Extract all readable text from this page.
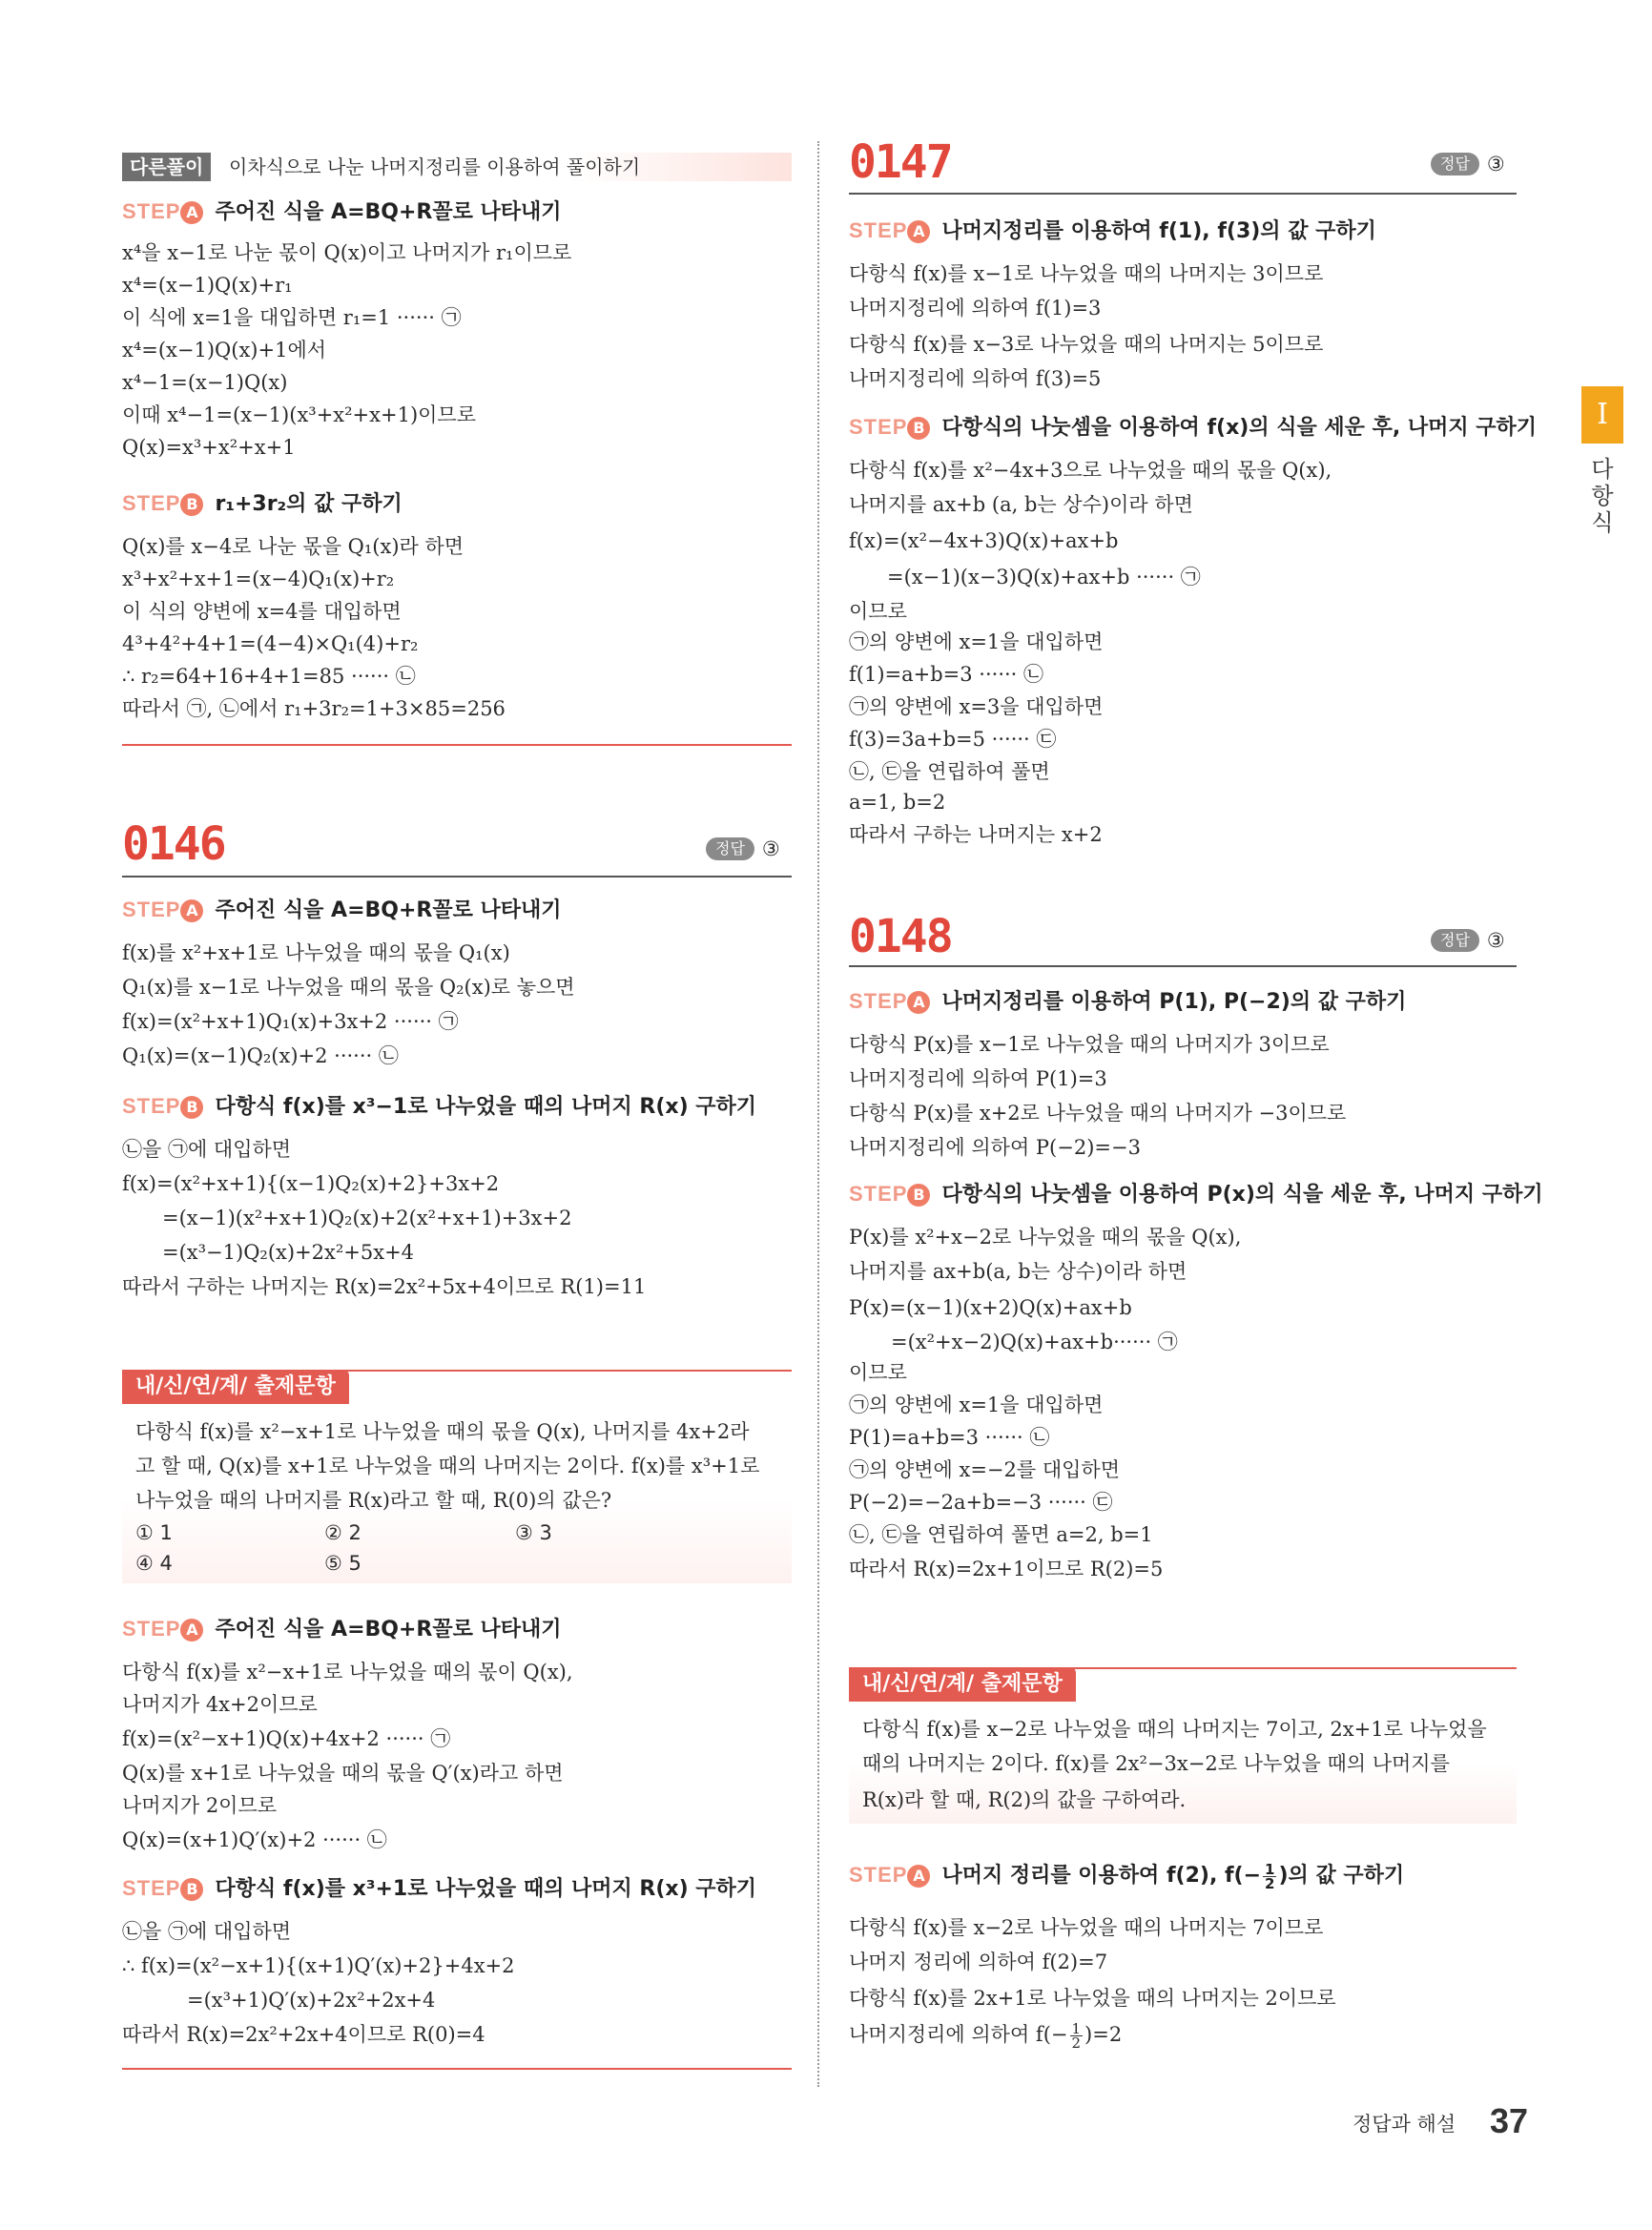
I
다항식
다른풀이	이차식으로 나눈 나머지정리를 이용하여 풀이하기
STEP A 주어진 식을 A=BQ+R꼴로 나타내기
x⁴을 x−1로 나눈 몫이 Q(x)이고 나머지가 r₁이므로
x⁴=(x−1)Q(x)+r₁
이 식에 x=1을 대입하면 r₁=1 ······ ㉠
x⁴=(x−1)Q(x)+1에서
x⁴−1=(x−1)Q(x)
이때 x⁴−1=(x−1)(x³+x²+x+1)이므로
Q(x)=x³+x²+x+1
STEP B r₁+3r₂의 값 구하기
Q(x)를 x−4로 나눈 몫을 Q₁(x)라 하면
x³+x²+x+1=(x−4)Q₁(x)+r₂
이 식의 양변에 x=4를 대입하면
4³+4²+4+1=(4−4)×Q₁(4)+r₂
∴ r₂=64+16+4+1=85 ······ ㉡
따라서 ㉠, ㉡에서 r₁+3r₂=1+3×85=256
0146	정답 ③
STEP A 주어진 식을 A=BQ+R꼴로 나타내기
f(x)를 x²+x+1로 나누었을 때의 몫을 Q₁(x)
Q₁(x)를 x−1로 나누었을 때의 몫을 Q₂(x)로 놓으면
f(x)=(x²+x+1)Q₁(x)+3x+2 ······ ㉠
Q₁(x)=(x−1)Q₂(x)+2 ······ ㉡
STEP B 다항식 f(x)를 x³−1로 나누었을 때의 나머지 R(x) 구하기
㉡을 ㉠에 대입하면
f(x)=(x²+x+1){(x−1)Q₂(x)+2}+3x+2
=(x−1)(x²+x+1)Q₂(x)+2(x²+x+1)+3x+2
=(x³−1)Q₂(x)+2x²+5x+4
따라서 구하는 나머지는 R(x)=2x²+5x+4이므로 R(1)=11
내/신/연/계/ 출제문항
다항식 f(x)를 x²−x+1로 나누었을 때의 몫을 Q(x), 나머지를 4x+2라
고 할 때, Q(x)를 x+1로 나누었을 때의 나머지는 2이다. f(x)를 x³+1로
나누었을 때의 나머지를 R(x)라고 할 때, R(0)의 값은?
① 1	② 2	③ 3
④ 4	⑤ 5
STEP A 주어진 식을 A=BQ+R꼴로 나타내기
다항식 f(x)를 x²−x+1로 나누었을 때의 몫이 Q(x),
나머지가 4x+2이므로
f(x)=(x²−x+1)Q(x)+4x+2 ······ ㉠
Q(x)를 x+1로 나누었을 때의 몫을 Q′(x)라고 하면
나머지가 2이므로
Q(x)=(x+1)Q′(x)+2 ······ ㉡
STEP B 다항식 f(x)를 x³+1로 나누었을 때의 나머지 R(x) 구하기
㉡을 ㉠에 대입하면
∴ f(x)=(x²−x+1){(x+1)Q′(x)+2}+4x+2
=(x³+1)Q′(x)+2x²+2x+4
따라서 R(x)=2x²+2x+4이므로 R(0)=4
0147	정답 ③
STEP A 나머지정리를 이용하여 f(1), f(3)의 값 구하기
다항식 f(x)를 x−1로 나누었을 때의 나머지는 3이므로
나머지정리에 의하여 f(1)=3
다항식 f(x)를 x−3로 나누었을 때의 나머지는 5이므로
나머지정리에 의하여 f(3)=5
STEP B 다항식의 나눗셈을 이용하여 f(x)의 식을 세운 후, 나머지 구하기
다항식 f(x)를 x²−4x+3으로 나누었을 때의 몫을 Q(x),
나머지를 ax+b (a, b는 상수)이라 하면
f(x)=(x²−4x+3)Q(x)+ax+b
=(x−1)(x−3)Q(x)+ax+b ······ ㉠
이므로
㉠의 양변에 x=1을 대입하면
f(1)=a+b=3 ······ ㉡
㉠의 양변에 x=3을 대입하면
f(3)=3a+b=5 ······ ㉢
㉡, ㉢을 연립하여 풀면
a=1, b=2
따라서 구하는 나머지는 x+2
0148	정답 ③
STEP A 나머지정리를 이용하여 P(1), P(−2)의 값 구하기
다항식 P(x)를 x−1로 나누었을 때의 나머지가 3이므로
나머지정리에 의하여 P(1)=3
다항식 P(x)를 x+2로 나누었을 때의 나머지가 −3이므로
나머지정리에 의하여 P(−2)=−3
STEP B 다항식의 나눗셈을 이용하여 P(x)의 식을 세운 후, 나머지 구하기
P(x)를 x²+x−2로 나누었을 때의 몫을 Q(x),
나머지를 ax+b(a, b는 상수)이라 하면
P(x)=(x−1)(x+2)Q(x)+ax+b
=(x²+x−2)Q(x)+ax+b······ ㉠
이므로
㉠의 양변에 x=1을 대입하면
P(1)=a+b=3 ······ ㉡
㉠의 양변에 x=−2를 대입하면
P(−2)=−2a+b=−3 ······ ㉢
㉡, ㉢을 연립하여 풀면 a=2, b=1
따라서 R(x)=2x+1이므로 R(2)=5
내/신/연/계/ 출제문항
다항식 f(x)를 x−2로 나누었을 때의 나머지는 7이고, 2x+1로 나누었을
때의 나머지는 2이다. f(x)를 2x²−3x−2로 나누었을 때의 나머지를
R(x)라 할 때, R(2)의 값을 구하여라.
STEP A 나머지 정리를 이용하여 f(2), $f(- \frac{1}{2}$ )의 값 구하기
다항식 f(x)를 x−2로 나누었을 때의 나머지는 7이므로
나머지 정리에 의하여 f(2)=7
다항식 f(x)를 2x+1로 나누었을 때의 나머지는 2이므로
나머지정리에 의하여 $f(- \frac{1}{2} )=2$
정답과 해설 37
